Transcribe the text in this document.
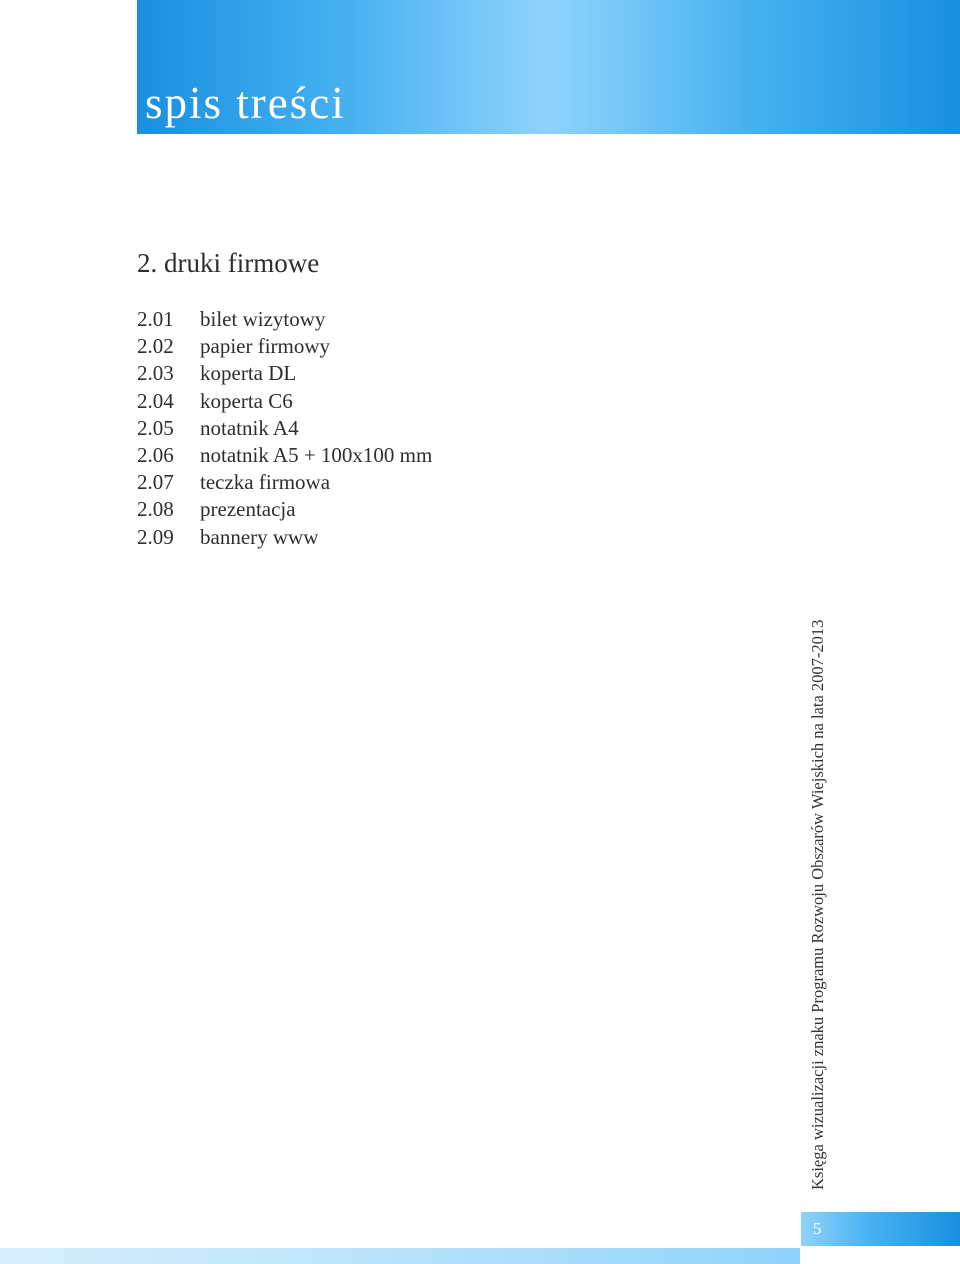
spis treści
2. druki firmowe
2.01 bilet wizytowy
2.02 papier firmowy
2.03 koperta DL
2.04 koperta C6
2.05 notatnik A4
2.06 notatnik A5 + 100x100 mm
2.07 teczka firmowa
2.08 prezentacja
2.09 bannery www
Księga wizualizacji znaku Programu Rozwoju Obszarów Wiejskich na lata 2007-2013
5
